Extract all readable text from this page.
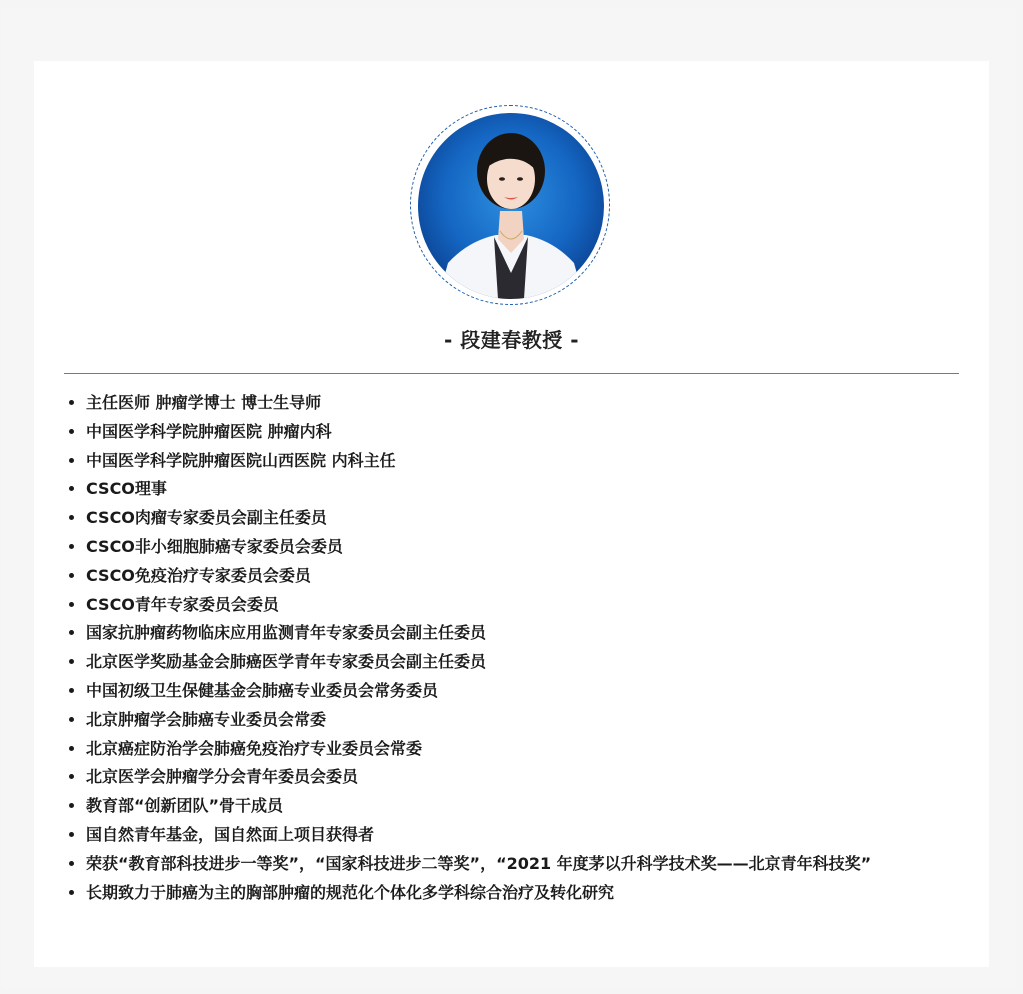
- 段建春教授 -
• 主任医师 肿瘤学博士 博士生导师
• 中国医学科学院肿瘤医院 肿瘤内科
• 中国医学科学院肿瘤医院山西医院 内科主任
• CSCO理事
• CSCO肉瘤专家委员会副主任委员
• CSCO非小细胞肺癌专家委员会委员
• CSCO免疫治疗专家委员会委员
• CSCO青年专家委员会委员
• 国家抗肿瘤药物临床应用监测青年专家委员会副主任委员
• 北京医学奖励基金会肺癌医学青年专家委员会副主任委员
• 中国初级卫生保健基金会肺癌专业委员会常务委员
• 北京肿瘤学会肺癌专业委员会常委
• 北京癌症防治学会肺癌免疫治疗专业委员会常委
• 北京医学会肿瘤学分会青年委员会委员
• 教育部“创新团队”骨干成员
• 国自然青年基金，国自然面上项目获得者
• 荣获“教育部科技进步一等奖”，“国家科技进步二等奖”，“2021 年度茅以升科学技术奖——北京青年科技奖”
• 长期致力于肺癌为主的胸部肿瘤的规范化个体化多学科综合治疗及转化研究
